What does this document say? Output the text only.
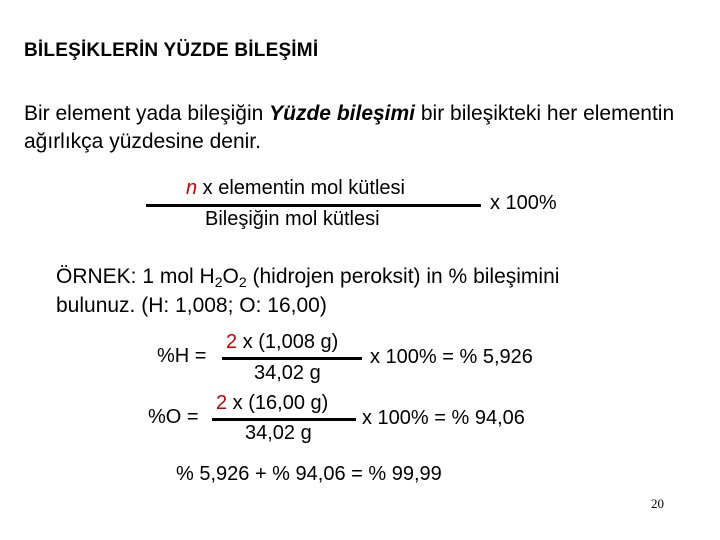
BİLEŞİKLERİN YÜZDE BİLEŞİMİ
Bir element yada bileşiğin Yüzde bileşimi bir bileşikteki her elementin ağırlıkça yüzdesine denir.
n x elementin mol kütlesi
Bileşiğin mol kütlesi
x 100%
ÖRNEK: 1 mol $H_2O_2$ (hidrojen peroksit) in % bileşimini
bulunuz. (H: 1,008; O: 16,00)
%H =
2 x (1,008 g)
34,02 g
x 100% = % 5,926
%O =
2 x (16,00 g)
34,02 g
x 100% = % 94,06
% 5,926 + % 94,06 = % 99,99
20
